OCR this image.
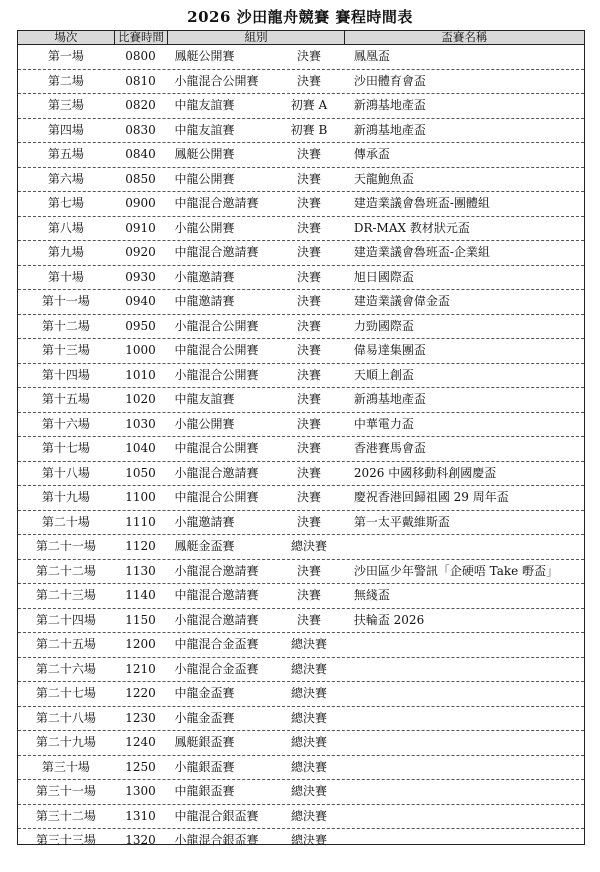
2026 沙田龍舟競賽 賽程時間表
場次	比賽時間	組別	盃賽名稱
第一場	0800	鳳艇公開賽	決賽	鳳凰盃
第二場	0810	小龍混合公開賽	決賽	沙田體育會盃
第三場	0820	中龍友誼賽	初賽 A	新鴻基地產盃
第四場	0830	中龍友誼賽	初賽 B	新鴻基地產盃
第五場	0840	鳳艇公開賽	決賽	傳承盃
第六場	0850	中龍公開賽	決賽	天龍鮑魚盃
第七場	0900	中龍混合邀請賽	決賽	建造業議會魯班盃-團體組
第八場	0910	小龍公開賽	決賽	DR-MAX 教材狀元盃
第九場	0920	中龍混合邀請賽	決賽	建造業議會魯班盃-企業組
第十場	0930	小龍邀請賽	決賽	旭日國際盃
第十一場	0940	中龍邀請賽	決賽	建造業議會偉金盃
第十二場	0950	小龍混合公開賽	決賽	力勁國際盃
第十三場	1000	中龍混合公開賽	決賽	偉易達集團盃
第十四場	1010	小龍混合公開賽	決賽	天順上創盃
第十五場	1020	中龍友誼賽	決賽	新鴻基地產盃
第十六場	1030	小龍公開賽	決賽	中華電力盃
第十七場	1040	中龍混合公開賽	決賽	香港賽馬會盃
第十八場	1050	小龍混合邀請賽	決賽	2026 中國移動科創國慶盃
第十九場	1100	中龍混合公開賽	決賽	慶祝香港回歸祖國 29 周年盃
第二十場	1110	小龍邀請賽	決賽	第一太平戴維斯盃
第二十一場	1120	鳳艇金盃賽	總決賽
第二十二場	1130	小龍混合邀請賽	決賽	沙田區少年警訊「企硬唔 Take 嘢盃」
第二十三場	1140	中龍混合邀請賽	決賽	無綫盃
第二十四場	1150	小龍混合邀請賽	決賽	扶輪盃 2026
第二十五場	1200	中龍混合金盃賽	總決賽
第二十六場	1210	小龍混合金盃賽	總決賽
第二十七場	1220	中龍金盃賽	總決賽
第二十八場	1230	小龍金盃賽	總決賽
第二十九場	1240	鳳艇銀盃賽	總決賽
第三十場	1250	小龍銀盃賽	總決賽
第三十一場	1300	中龍銀盃賽	總決賽
第三十二場	1310	中龍混合銀盃賽	總決賽
第三十三場	1320	小龍混合銀盃賽	總決賽
